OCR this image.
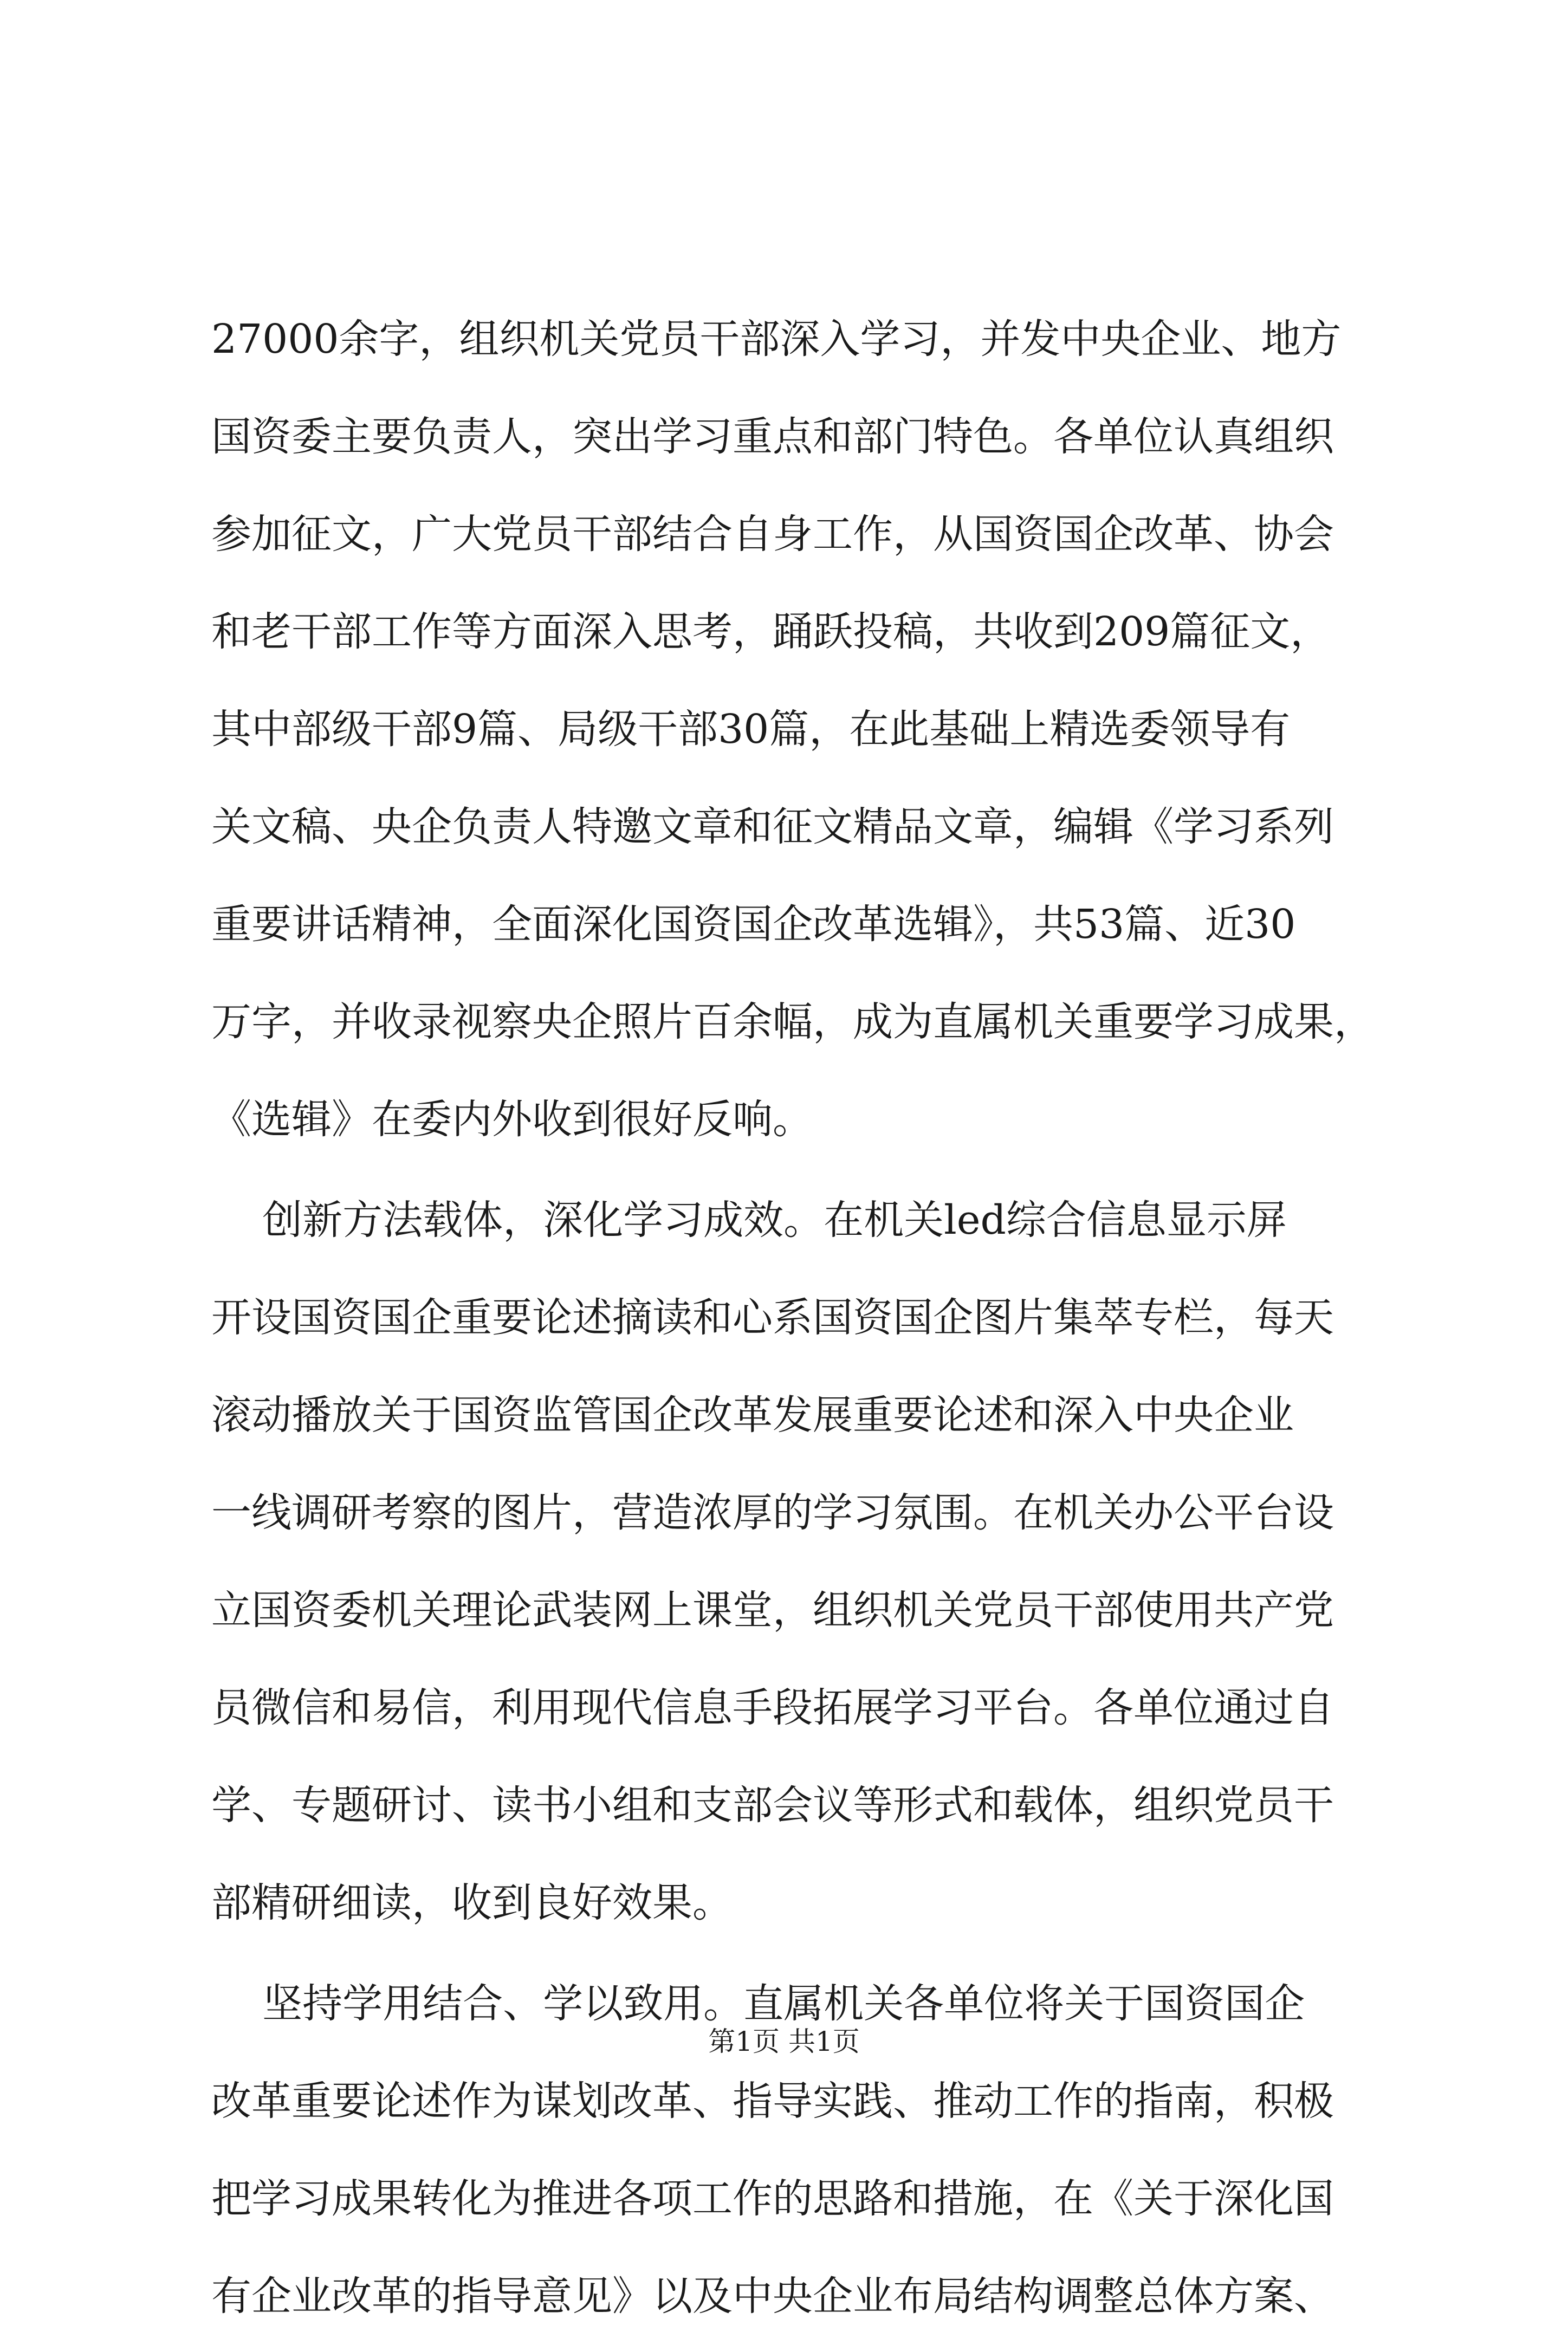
27000余字，组织机关党员干部深入学习，并发中央企业、地方
国资委主要负责人，突出学习重点和部门特色。各单位认真组织
参加征文，广大党员干部结合自身工作，从国资国企改革、协会
和老干部工作等方面深入思考，踊跃投稿，共收到209篇征文，
其中部级干部9篇、局级干部30篇，在此基础上精选委领导有
关文稿、央企负责人特邀文章和征文精品文章，编辑《学习系列
重要讲话精神，全面深化国资国企改革选辑》，共53篇、近30
万字，并收录视察央企照片百余幅，成为直属机关重要学习成果，
《选辑》在委内外收到很好反响。
创新方法载体，深化学习成效。在机关led综合信息显示屏
开设国资国企重要论述摘读和心系国资国企图片集萃专栏，每天
滚动播放关于国资监管国企改革发展重要论述和深入中央企业
一线调研考察的图片，营造浓厚的学习氛围。在机关办公平台设
立国资委机关理论武装网上课堂，组织机关党员干部使用共产党
员微信和易信，利用现代信息手段拓展学习平台。各单位通过自
学、专题研讨、读书小组和支部会议等形式和载体，组织党员干
部精研细读，收到良好效果。
坚持学用结合、学以致用。直属机关各单位将关于国资国企
改革重要论述作为谋划改革、指导实践、推动工作的指南，积极
把学习成果转化为推进各项工作的思路和措施，在《关于深化国
有企业改革的指导意见》以及中央企业布局结构调整总体方案、
第1页 共1页
